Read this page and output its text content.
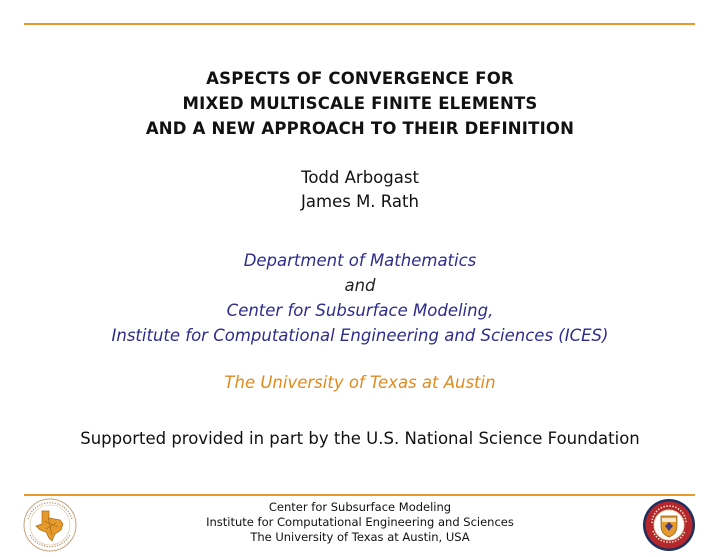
ASPECTS OF CONVERGENCE FOR
MIXED MULTISCALE FINITE ELEMENTS
AND A NEW APPROACH TO THEIR DEFINITION
Todd Arbogast
James M. Rath
Department of Mathematics
and
Center for Subsurface Modeling,
Institute for Computational Engineering and Sciences (ICES)
The University of Texas at Austin
Supported provided in part by the U.S. National Science Foundation
Center for Subsurface Modeling
Institute for Computational Engineering and Sciences
The University of Texas at Austin, USA
